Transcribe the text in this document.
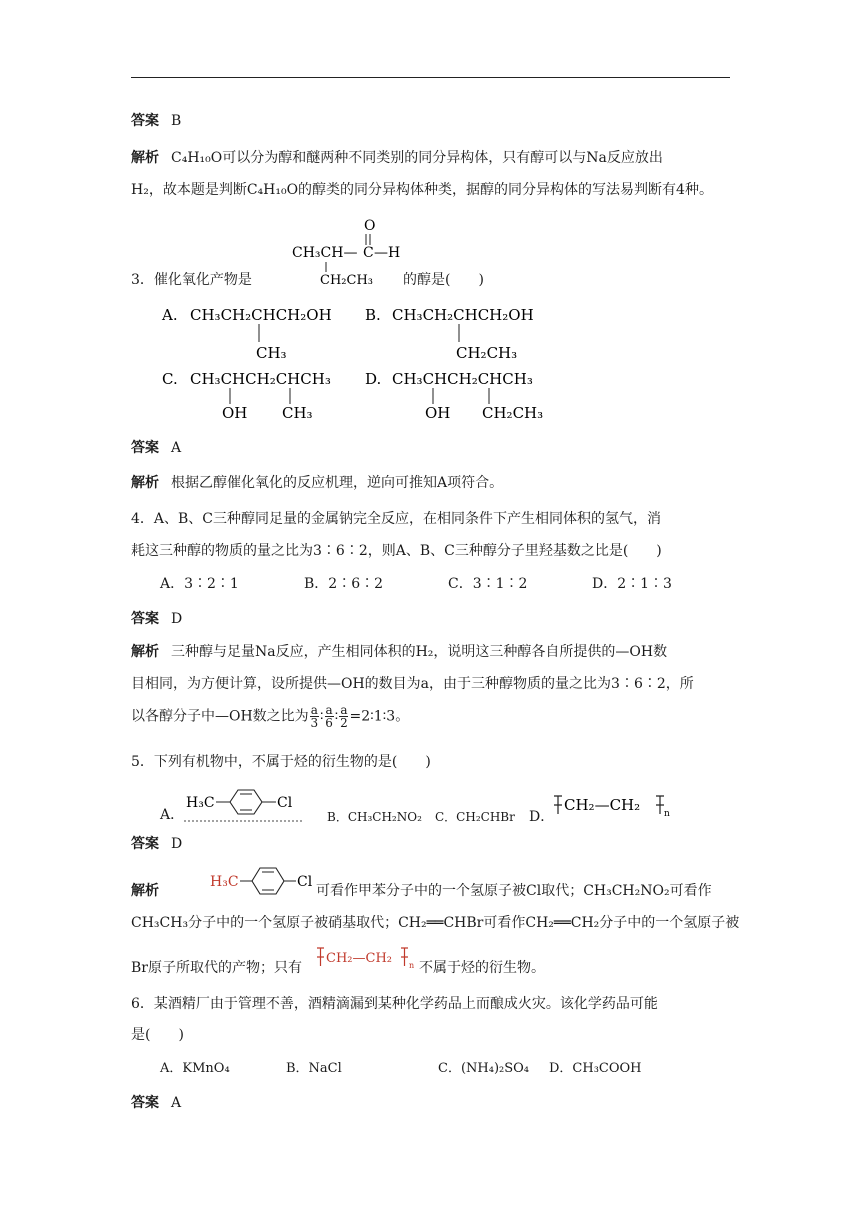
答案 B
解析 C₄H₁₀O可以分为醇和醚两种不同类别的同分异构体，只有醇可以与Na反应放出
H₂，故本题是判断C₄H₁₀O的醇类的同分异构体种类，据醇的同分异构体的写法易判断有4种。
3．催化氧化产物是	的醇是(　　)
O
CH₃CH— C —H
CH₂CH₃
A. CH₃CH₂CHCH₂OH
CH₃
B. CH₃CH₂CHCH₂OH
CH₂CH₃
C. CH₃CHCH₂CHCH₃
OH CH₃
D. CH₃CHCH₂CHCH₃
OH CH₂CH₃
答案 A
解析 根据乙醇催化氧化的反应机理，逆向可推知A项符合。
4．A、B、C三种醇同足量的金属钠完全反应，在相同条件下产生相同体积的氢气，消
耗这三种醇的物质的量之比为3∶6∶2，则A、B、C三种醇分子里羟基数之比是(　　)
A．3∶2∶1	B．2∶6∶2	C．3∶1∶2	D．2∶1∶3
答案 D
解析 三种醇与足量Na反应，产生相同体积的H₂，说明这三种醇各自所提供的—OH数
目相同，为方便计算，设所提供—OH的数目为a，由于三种醇物质的量之比为3∶6∶2，所
以各醇分子中—OH数之比为 $\frac{a}{3}$ ∶ $\frac{a}{6}$ ∶ $\frac{a}{2}$ =2∶1∶3。
5．下列有机物中，不属于烃的衍生物的是(　　)
A．
H₃C	Cl
B．CH₃CH₂NO₂ C．CH₂CHBr D．
CH₂—CH₂	n
答案 D
解析
H₃C	Cl
可看作甲苯分子中的一个氢原子被Cl取代；CH₃CH₂NO₂可看作
CH₃CH₃分子中的一个氢原子被硝基取代；CH₂══CHBr可看作CH₂══CH₂分子中的一个氢原子被
Br原子所取代的产物；只有
CH₂—CH₂ n 不属于烃的衍生物。
6．某酒精厂由于管理不善，酒精滴漏到某种化学药品上而酿成火灾。该化学药品可能
是(　　)
A．KMnO₄	B．NaCl	C．(NH₄)₂SO₄ D．CH₃COOH
答案 A
